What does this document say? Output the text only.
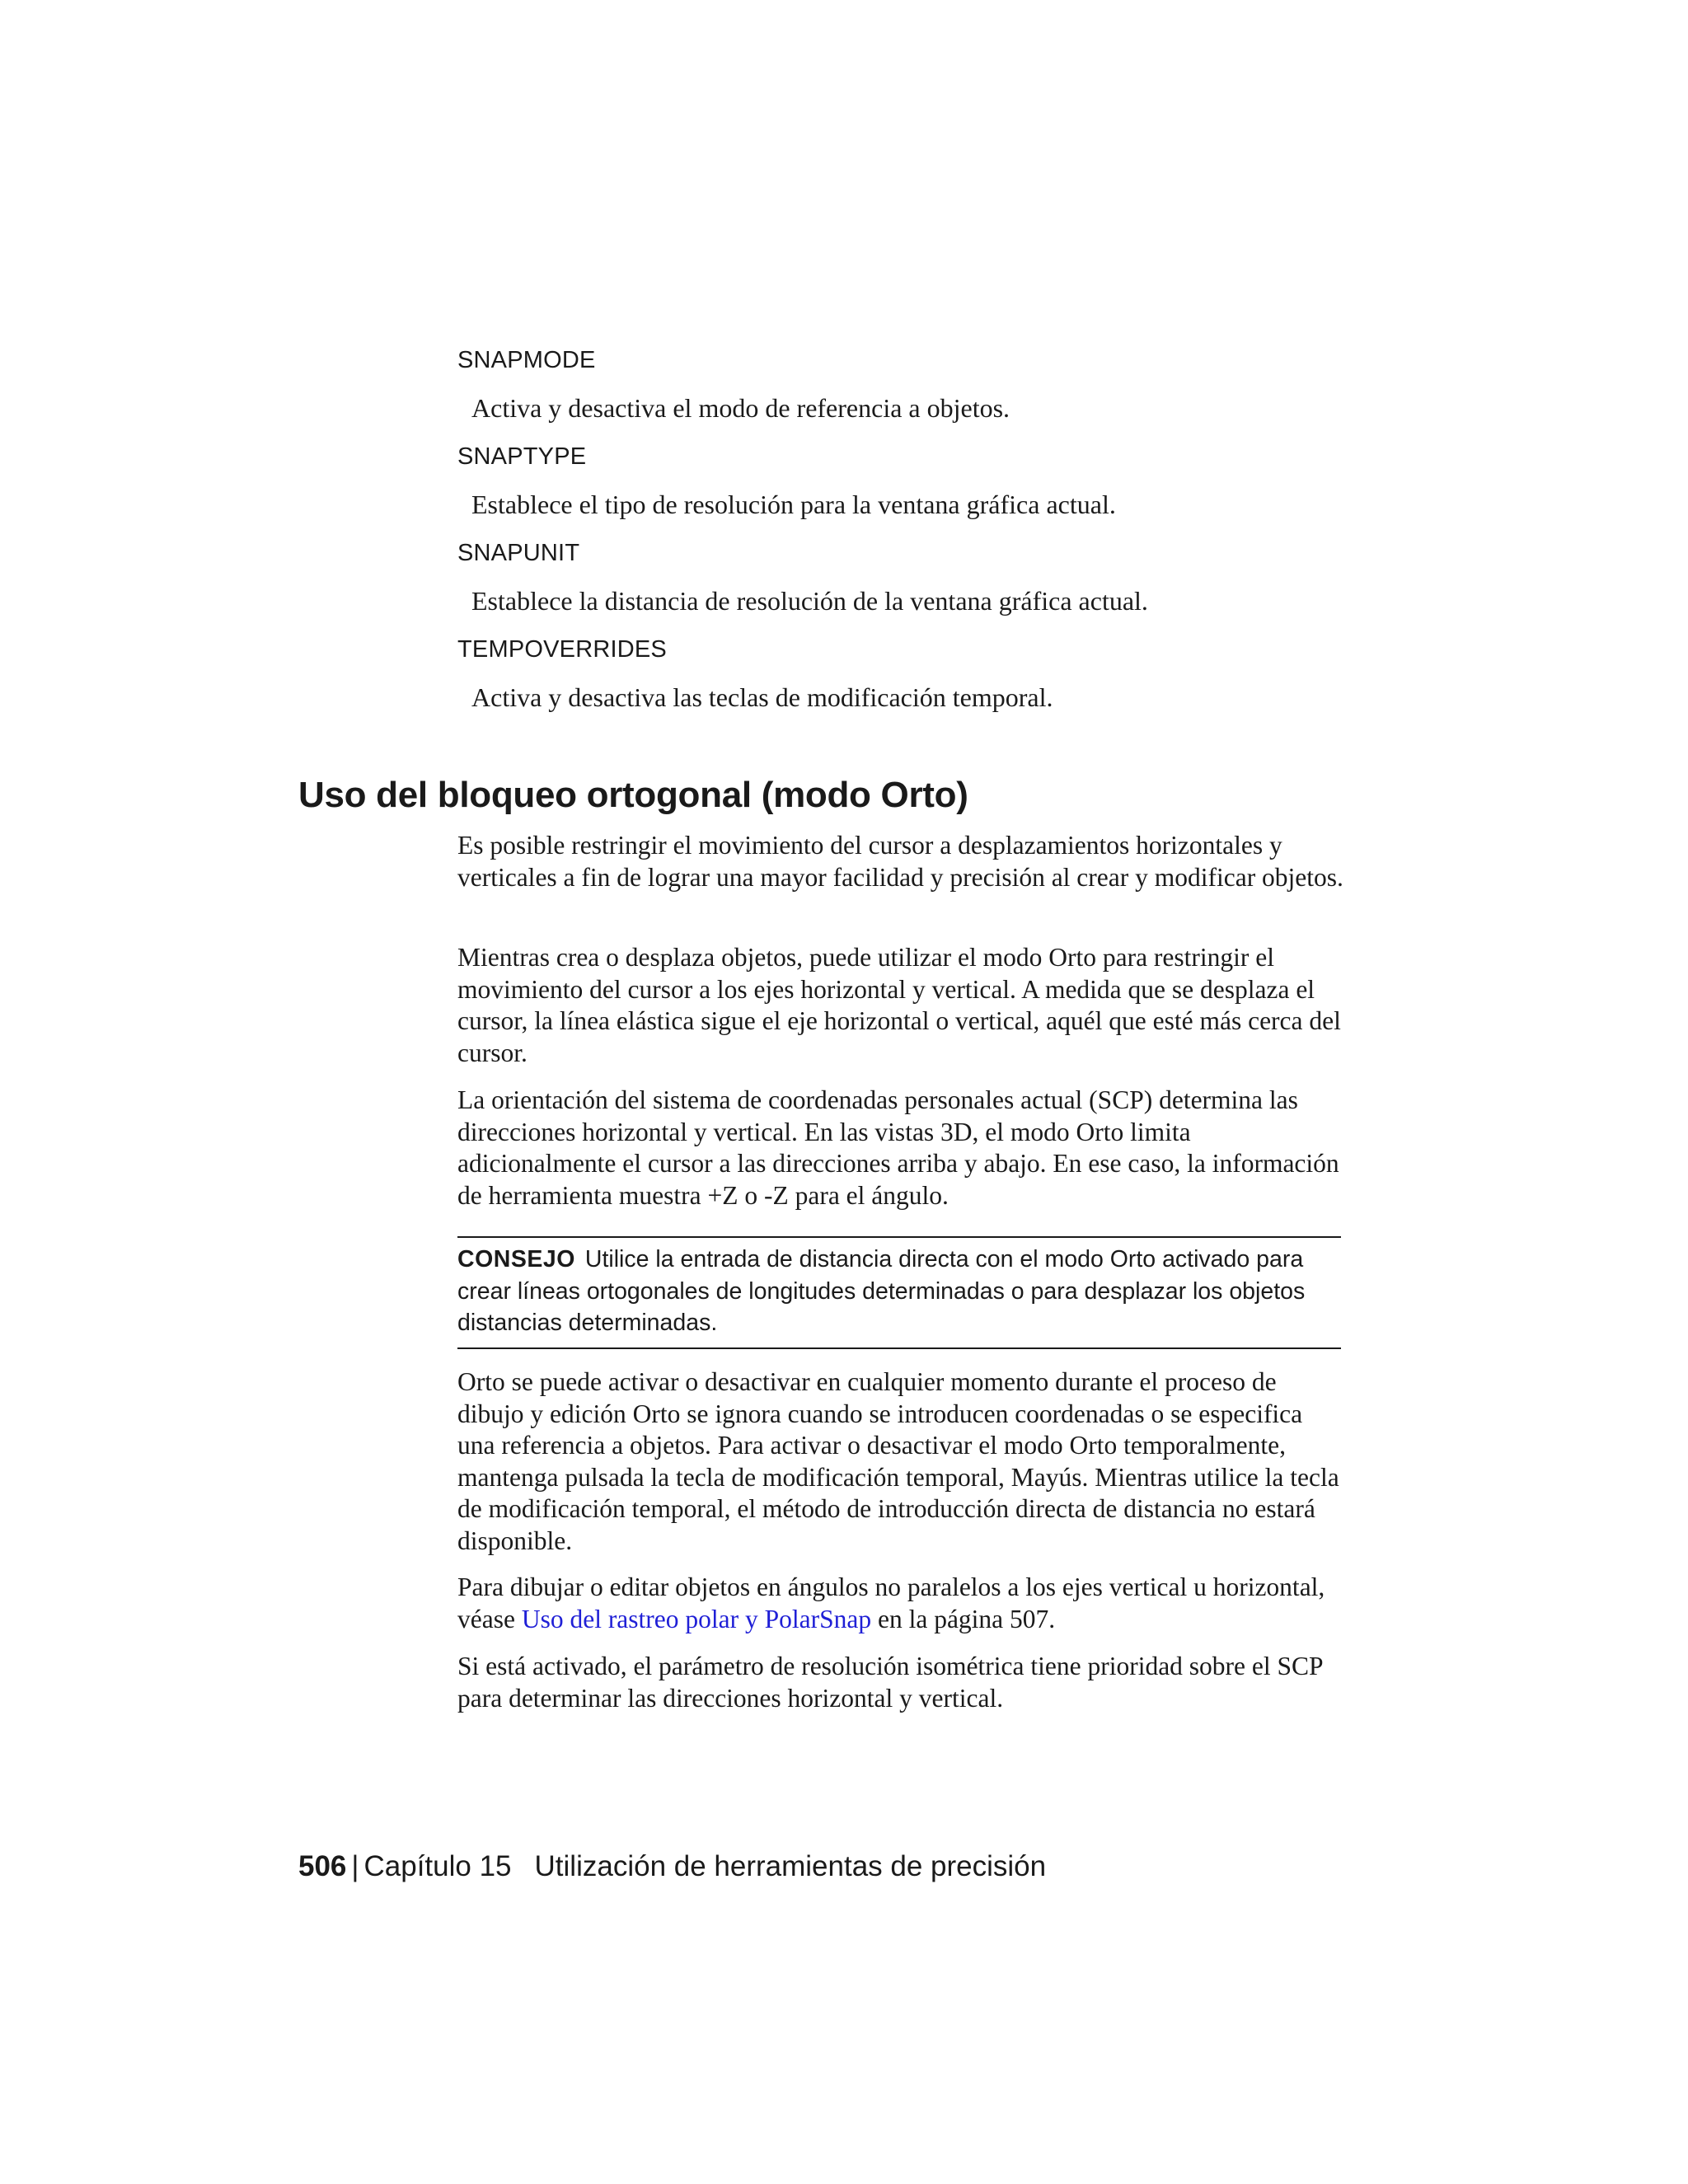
SNAPMODE
Activa y desactiva el modo de referencia a objetos.
SNAPTYPE
Establece el tipo de resolución para la ventana gráfica actual.
SNAPUNIT
Establece la distancia de resolución de la ventana gráfica actual.
TEMPOVERRIDES
Activa y desactiva las teclas de modificación temporal.
Uso del bloqueo ortogonal (modo Orto)

Es posible restringir el movimiento del cursor a desplazamientos horizontales y verticales a fin de lograr una mayor facilidad y precisión al crear y modificar objetos.

Mientras crea o desplaza objetos, puede utilizar el modo Orto para restringir el movimiento del cursor a los ejes horizontal y vertical. A medida que se desplaza el cursor, la línea elástica sigue el eje horizontal o vertical, aquél que esté más cerca del cursor.

La orientación del sistema de coordenadas personales actual (SCP) determina las direcciones horizontal y vertical. En las vistas 3D, el modo Orto limita adicionalmente el cursor a las direcciones arriba y abajo. En ese caso, la información de herramienta muestra +Z o -Z para el ángulo.

CONSEJO Utilice la entrada de distancia directa con el modo Orto activado para crear líneas ortogonales de longitudes determinadas o para desplazar los objetos distancias determinadas.

Orto se puede activar o desactivar en cualquier momento durante el proceso de dibujo y edición Orto se ignora cuando se introducen coordenadas o se especifica una referencia a objetos. Para activar o desactivar el modo Orto temporalmente, mantenga pulsada la tecla de modificación temporal, Mayús. Mientras utilice la tecla de modificación temporal, el método de introducción directa de distancia no estará disponible.

Para dibujar o editar objetos en ángulos no paralelos a los ejes vertical u horizontal, véase Uso del rastreo polar y PolarSnap en la página 507.

Si está activado, el parámetro de resolución isométrica tiene prioridad sobre el SCP para determinar las direcciones horizontal y vertical.

506 | Capítulo 15 Utilización de herramientas de precisión
